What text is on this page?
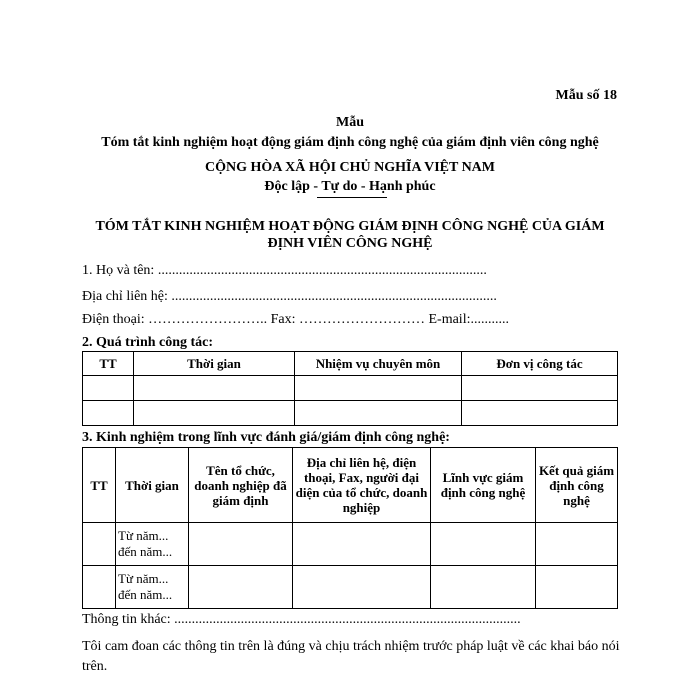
Mẫu số 18
Mẫu
Tóm tắt kinh nghiệm hoạt động giám định công nghệ của giám định viên công nghệ
CỘNG HÒA XÃ HỘI CHỦ NGHĨA VIỆT NAM
Độc lập - Tự do - Hạnh phúc
TÓM TẮT KINH NGHIỆM HOẠT ĐỘNG GIÁM ĐỊNH CÔNG NGHỆ CỦA GIÁM ĐỊNH VIÊN CÔNG NGHỆ
1. Họ và tên: ..............................................................................................
Địa chỉ liên hệ: .............................................................................................
Điện thoại: …………………….. Fax: ……………………… E-mail:...........
2. Quá trình công tác:
TT	Thời gian	Nhiệm vụ chuyên môn	Đơn vị công tác

3. Kinh nghiệm trong lĩnh vực đánh giá/giám định công nghệ:
TT	Thời gian	Tên tổ chức, doanh nghiệp đã giám định	Địa chỉ liên hệ, điện thoại, Fax, người đại diện của tổ chức, doanh nghiệp	Lĩnh vực giám định công nghệ	Kết quả giám định công nghệ

	Từ năm...
đến năm...				

	Từ năm...
đến năm...				

Thông tin khác: ...................................................................................................
Tôi cam đoan các thông tin trên là đúng và chịu trách nhiệm trước pháp luật về các khai báo nói trên.
